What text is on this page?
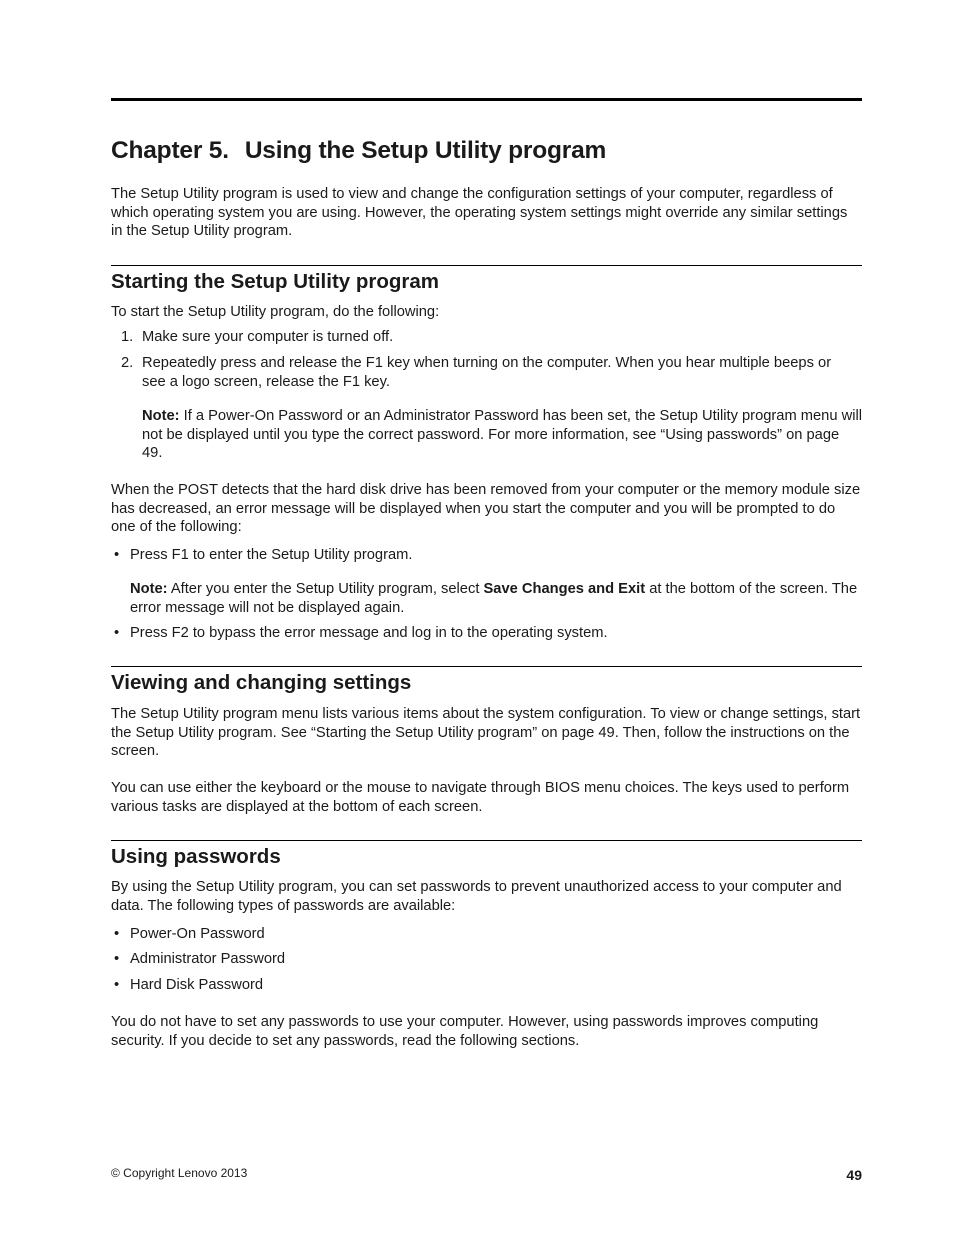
Chapter 5. Using the Setup Utility program

The Setup Utility program is used to view and change the configuration settings of your computer, regardless of which operating system you are using. However, the operating system settings might override any similar settings in the Setup Utility program.

Starting the Setup Utility program

To start the Setup Utility program, do the following:

1. Make sure your computer is turned off.
2. Repeatedly press and release the F1 key when turning on the computer. When you hear multiple beeps or see a logo screen, release the F1 key.
Note: If a Power-On Password or an Administrator Password has been set, the Setup Utility program menu will not be displayed until you type the correct password. For more information, see “Using passwords” on page 49.

When the POST detects that the hard disk drive has been removed from your computer or the memory module size has decreased, an error message will be displayed when you start the computer and you will be prompted to do one of the following:

• Press F1 to enter the Setup Utility program.
Note: After you enter the Setup Utility program, select Save Changes and Exit at the bottom of the screen. The error message will not be displayed again.
• Press F2 to bypass the error message and log in to the operating system.
Viewing and changing settings

The Setup Utility program menu lists various items about the system configuration. To view or change settings, start the Setup Utility program. See “Starting the Setup Utility program” on page 49. Then, follow the instructions on the screen.

You can use either the keyboard or the mouse to navigate through BIOS menu choices. The keys used to perform various tasks are displayed at the bottom of each screen.

Using passwords

By using the Setup Utility program, you can set passwords to prevent unauthorized access to your computer and data. The following types of passwords are available:

• Power-On Password
• Administrator Password
• Hard Disk Password

You do not have to set any passwords to use your computer. However, using passwords improves computing security. If you decide to set any passwords, read the following sections.

© Copyright Lenovo 2013	49
